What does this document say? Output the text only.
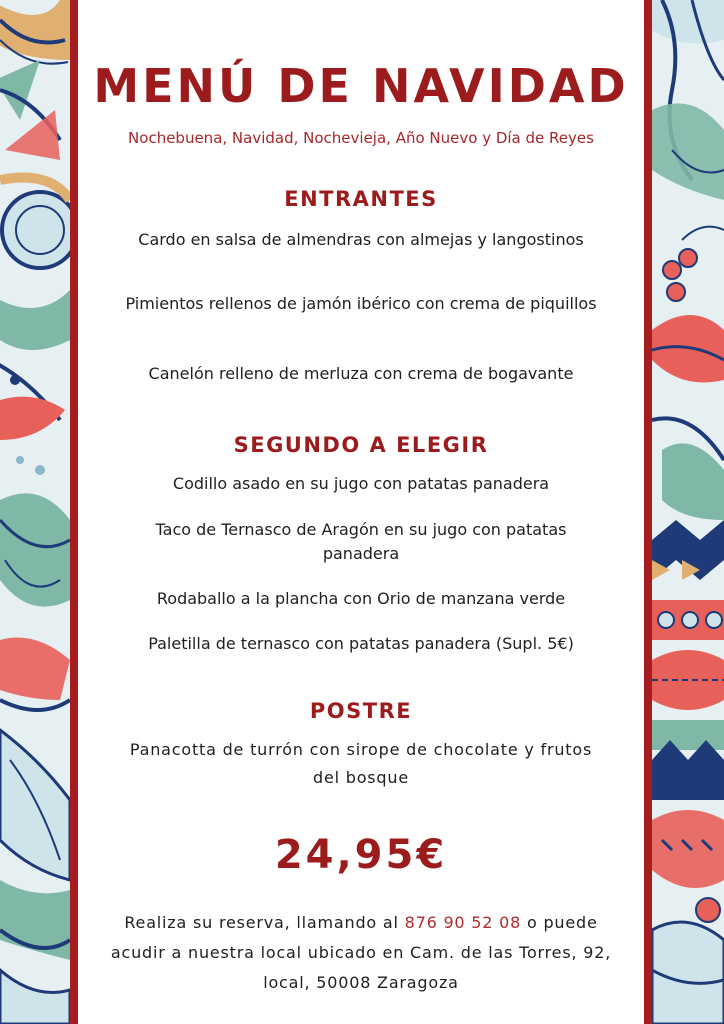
MENÚ DE NAVIDAD
Nochebuena, Navidad, Nochevieja, Año Nuevo y Día de Reyes
ENTRANTES
Cardo en salsa de almendras con almejas y langostinos
Pimientos rellenos de jamón ibérico con crema de piquillos
Canelón relleno de merluza con crema de bogavante
SEGUNDO A ELEGIR
Codillo asado en su jugo con patatas panadera
Taco de Ternasco de Aragón en su jugo con patatas panadera
Rodaballo a la plancha con Orio de manzana verde
Paletilla de ternasco con patatas panadera (Supl. 5€)
POSTRE
Panacotta de turrón con sirope de chocolate y frutos del bosque
24,95€
Realiza su reserva, llamando al 876 90 52 08 o puede acudir a nuestra local ubicado en Cam. de las Torres, 92, local, 50008 Zaragoza
